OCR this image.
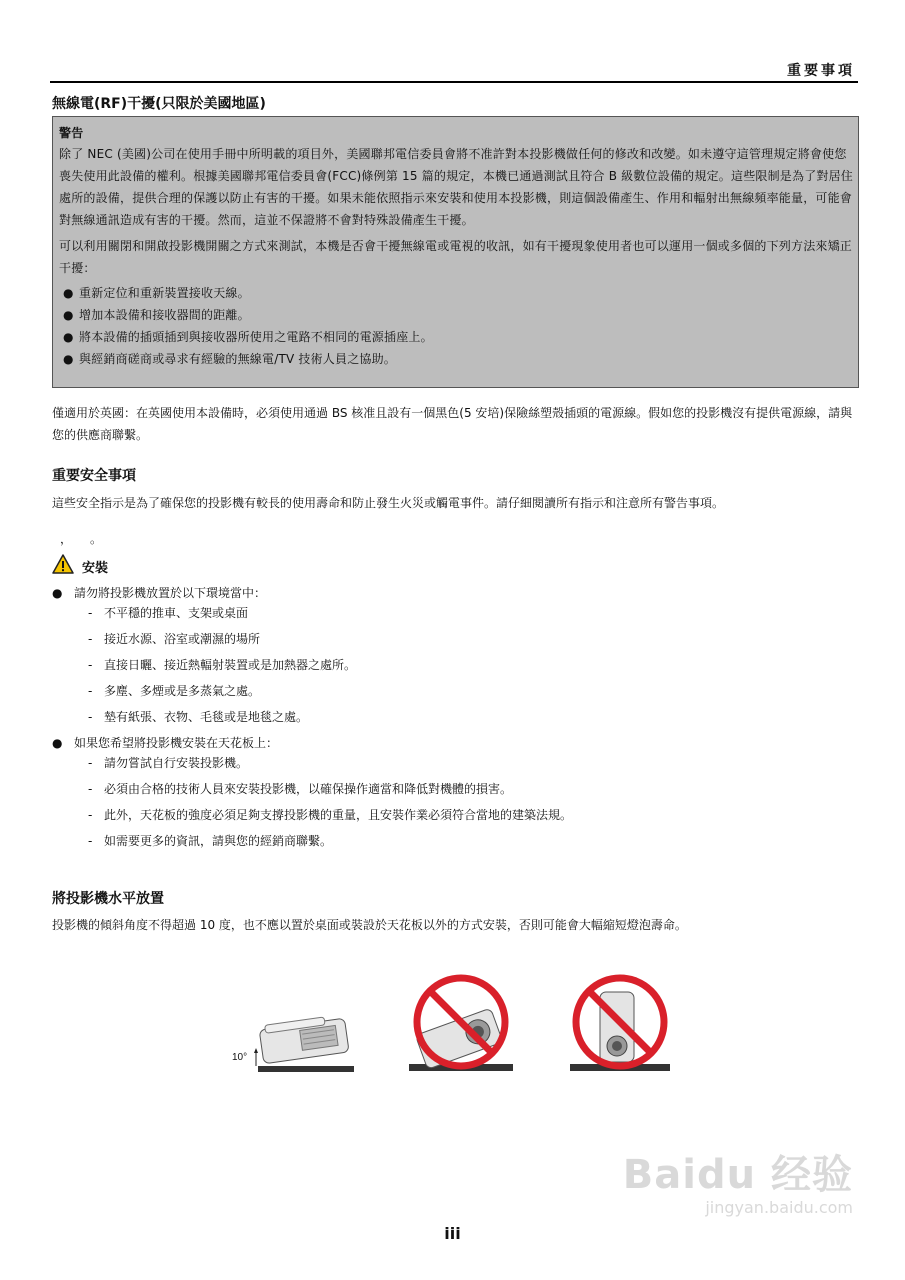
重要事項
無線電(RF)干擾(只限於美國地區)

警告

除了 NEC (美國)公司在使用手冊中所明載的項目外，美國聯邦電信委員會將不准許對本投影機做任何的修改和改變。如未遵守這管理規定將會使您喪失使用此設備的權利。根據美國聯邦電信委員會(FCC)條例第 15 篇的規定，本機已通過測試且符合 B 級數位設備的規定。這些限制是為了對居住處所的設備，提供合理的保護以防止有害的干擾。如果未能依照指示來安裝和使用本投影機，則這個設備產生、作用和輻射出無線頻率能量，可能會對無線通訊造成有害的干擾。然而，這並不保證將不會對特殊設備產生干擾。

可以利用關閉和開啟投影機開關之方式來測試，本機是否會干擾無線電或電視的收訊，如有干擾現象使用者也可以運用一個或多個的下列方法來矯正干擾：

● 重新定位和重新裝置接收天線。
● 增加本設備和接收器間的距離。
● 將本設備的插頭插到與接收器所使用之電路不相同的電源插座上。
● 與經銷商磋商或尋求有經驗的無線電/TV 技術人員之協助。
僅適用於英國：在英國使用本設備時，必須使用通過 BS 核准且設有一個黑色(5 安培)保險絲塑殼插頭的電源線。假如您的投影機沒有提供電源線，請與您的供應商聯繫。
重要安全事項
這些安全指示是為了確保您的投影機有較長的使用壽命和防止發生火災或觸電事件。請仔細閱讀所有指示和注意所有警告事項。
，　　。
安裝
● 請勿將投影機放置於以下環境當中：
- 不平穩的推車、支架或桌面
- 接近水源、浴室或潮濕的場所
- 直接日曬、接近熱輻射裝置或是加熱器之處所。
- 多塵、多煙或是多蒸氣之處。
- 墊有紙張、衣物、毛毯或是地毯之處。
● 如果您希望將投影機安裝在天花板上：
- 請勿嘗試自行安裝投影機。
- 必須由合格的技術人員來安裝投影機，以確保操作適當和降低對機體的損害。
- 此外，天花板的強度必須足夠支撐投影機的重量，且安裝作業必須符合當地的建築法規。
- 如需要更多的資訊，請與您的經銷商聯繫。
將投影機水平放置
投影機的傾斜角度不得超過 10 度，也不應以置於桌面或裝設於天花板以外的方式安裝，否則可能會大幅縮短燈泡壽命。
10°
Baidu 经验
jingyan.baidu.com
iii
